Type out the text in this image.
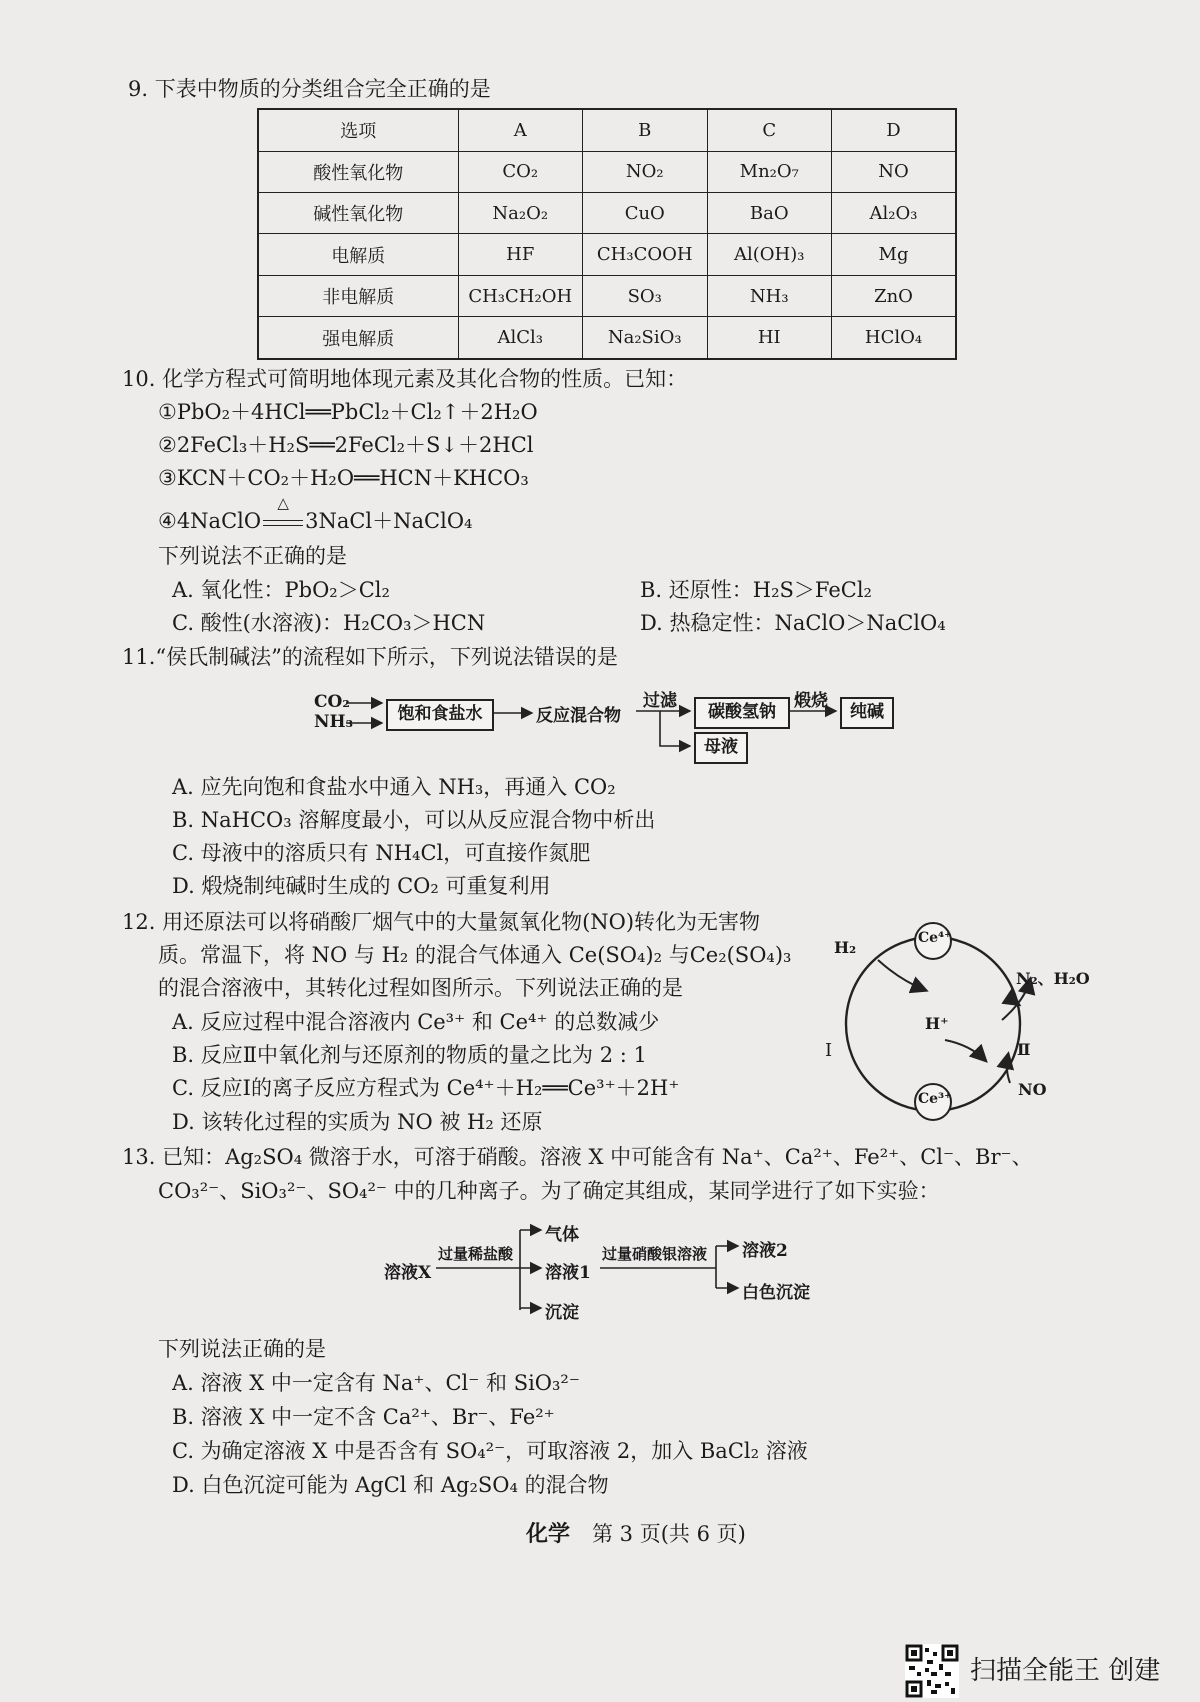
9. 下表中物质的分类组合完全正确的是
选项	A	B	C	D
酸性氧化物	CO₂	NO₂	Mn₂O₇	NO
碱性氧化物	Na₂O₂	CuO	BaO	Al₂O₃
电解质	HF	CH₃COOH	Al(OH)₃	Mg
非电解质	CH₃CH₂OH	SO₃	NH₃	ZnO
强电解质	AlCl₃	Na₂SiO₃	HI	HClO₄
10. 化学方程式可简明地体现元素及其化合物的性质。已知：
①PbO₂＋4HCl══PbCl₂＋Cl₂↑＋2H₂O
②2FeCl₃＋H₂S══2FeCl₂＋S↓＋2HCl
③KCN＋CO₂＋H₂O══HCN＋KHCO₃
④4NaClO
△
3NaCl＋NaClO₄
下列说法不正确的是
A. 氧化性：PbO₂＞Cl₂	B. 还原性：H₂S＞FeCl₂
C. 酸性(水溶液)：H₂CO₃＞HCN	D. 热稳定性：NaClO＞NaClO₄
11.“侯氏制碱法”的流程如下所示，下列说法错误的是
CO₂
NH₃	饱和食盐水	反应混合物
过滤
碳酸氢钠
煅烧
纯碱
母液
A. 应先向饱和食盐水中通入 NH₃，再通入 CO₂
B. NaHCO₃ 溶解度最小，可以从反应混合物中析出
C. 母液中的溶质只有 NH₄Cl，可直接作氮肥
D. 煅烧制纯碱时生成的 CO₂ 可重复利用
12. 用还原法可以将硝酸厂烟气中的大量氮氧化物(NO)转化为无害物
质。常温下，将 NO 与 H₂ 的混合气体通入 Ce(SO₄)₂ 与Ce₂(SO₄)₃
的混合溶液中，其转化过程如图所示。下列说法正确的是
A. 反应过程中混合溶液内 Ce³⁺ 和 Ce⁴⁺ 的总数减少
B. 反应Ⅱ中氧化剂与还原剂的物质的量之比为 2 : 1
C. 反应Ⅰ的离子反应方程式为 Ce⁴⁺＋H₂══Ce³⁺＋2H⁺
D. 该转化过程的实质为 NO 被 H₂ 还原
Ce⁴⁺
Ce³⁺
H₂
N₂、H₂O
H⁺
Ⅰ	Ⅱ
NO
13. 已知：Ag₂SO₄ 微溶于水，可溶于硝酸。溶液 X 中可能含有 Na⁺、Ca²⁺、Fe²⁺、Cl⁻、Br⁻、
CO₃²⁻、SiO₃²⁻、SO₄²⁻ 中的几种离子。为了确定其组成，某同学进行了如下实验：
溶液X
过量稀盐酸
气体
溶液1
沉淀
过量硝酸银溶液 溶液2
白色沉淀
下列说法正确的是
A. 溶液 X 中一定含有 Na⁺、Cl⁻ 和 SiO₃²⁻
B. 溶液 X 中一定不含 Ca²⁺、Br⁻、Fe²⁺
C. 为确定溶液 X 中是否含有 SO₄²⁻，可取溶液 2，加入 BaCl₂ 溶液
D. 白色沉淀可能为 AgCl 和 Ag₂SO₄ 的混合物
化学 第 3 页(共 6 页)
扫描全能王 创建
